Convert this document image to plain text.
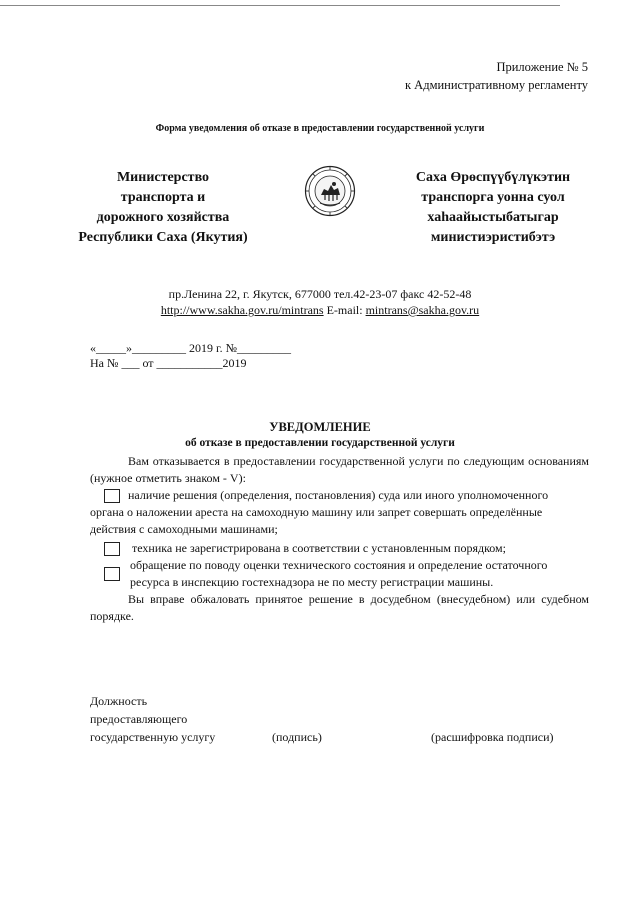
Приложение № 5
к Административному регламенту
Форма уведомления об отказе в предоставлении государственной услуги
Министерство
транспорта и
дорожного хозяйства
Республики Саха (Якутия)
Саха Өрөспүүбүлүкэтин
транспорга уонна суол
хаһаайыстыбатыгар
министиэристибэтэ
пр.Ленина 22, г. Якутск, 677000 тел.42-23-07 факс 42-52-48
http://www.sakha.gov.ru/mintrans E-mail: mintrans@sakha.gov.ru
«_____»_________ 2019 г. №_________
На № ___ от ___________2019
УВЕДОМЛЕНИЕ
об отказе в предоставлении государственной услуги
Вам отказывается в предоставлении государственной услуги по следующим основаниям (нужное отметить знаком - V):
наличие решения (определения, постановления) суда или иного уполномоченного
органа о наложении ареста на самоходную машину или запрет совершать определённые
действия с самоходными машинами;
техника не зарегистрирована в соответствии с установленным порядком;
обращение по поводу оценки технического состояния и определение остаточного
ресурса в инспекцию гостехнадзора не по месту регистрации машины.
Вы вправе обжаловать принятое решение в досудебном (внесудебном) или судебном порядке.
Должность
предоставляющего
государственную услугу	(подпись)	(расшифровка подписи)
